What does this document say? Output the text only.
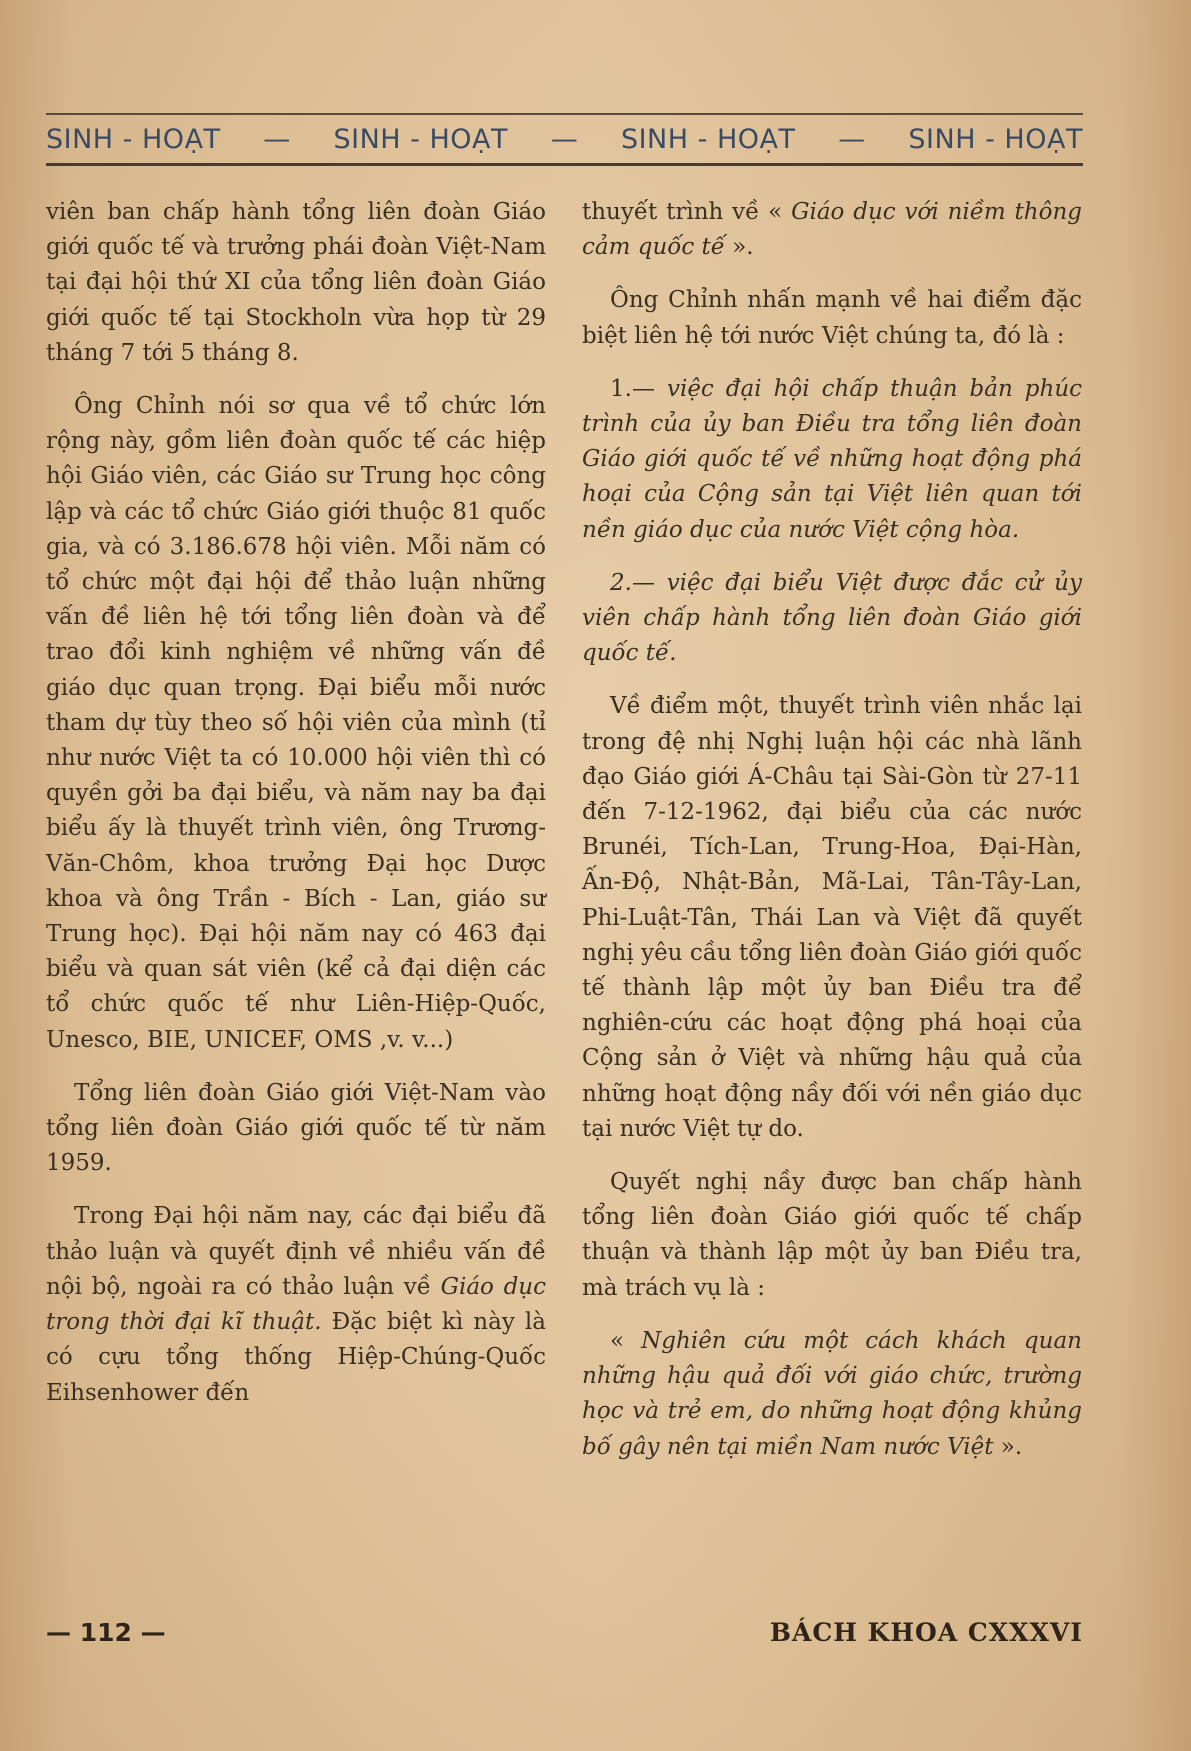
SINH - HOẠT — SINH - HOẠT — SINH - HOẠT — SINH - HOẠT

viên ban chấp hành tổng liên đoàn Giáo giới quốc tế và trưởng phái đoàn Việt-Nam tại đại hội thứ XI của tổng liên đoàn Giáo giới quốc tế tại Stockholn vừa họp từ 29 tháng 7 tới 5 tháng 8.

Ông Chỉnh nói sơ qua về tổ chức lớn rộng này, gồm liên đoàn quốc tế các hiệp hội Giáo viên, các Giáo sư Trung học công lập và các tổ chức Giáo giới thuộc 81 quốc gia, và có 3.186.678 hội viên. Mỗi năm có tổ chức một đại hội để thảo luận những vấn đề liên hệ tới tổng liên đoàn và để trao đổi kinh nghiệm về những vấn đề giáo dục quan trọng. Đại biểu mỗi nước tham dự tùy theo số hội viên của mình (tỉ như nước Việt ta có 10.000 hội viên thì có quyền gởi ba đại biểu, và năm nay ba đại biểu ấy là thuyết trình viên, ông Trương-Văn-Chôm, khoa trưởng Đại học Dược khoa và ông Trần - Bích - Lan, giáo sư Trung học). Đại hội năm nay có 463 đại biểu và quan sát viên (kể cả đại diện các tổ chức quốc tế như Liên-Hiệp-Quốc, Unesco, BIE, UNICEF, OMS ,v. v...)

Tổng liên đoàn Giáo giới Việt-Nam vào tổng liên đoàn Giáo giới quốc tế từ năm 1959.

Trong Đại hội năm nay, các đại biểu đã thảo luận và quyết định về nhiều vấn đề nội bộ, ngoài ra có thảo luận về Giáo dục trong thời đại kĩ thuật. Đặc biệt kì này là có cựu tổng thống Hiệp-Chúng-Quốc Eihsenhower đến

thuyết trình về « Giáo dục với niềm thông cảm quốc tế ».

Ông Chỉnh nhấn mạnh về hai điểm đặc biệt liên hệ tới nước Việt chúng ta, đó là :

1.— việc đại hội chấp thuận bản phúc trình của ủy ban Điều tra tổng liên đoàn Giáo giới quốc tế về những hoạt động phá hoại của Cộng sản tại Việt liên quan tới nền giáo dục của nước Việt cộng hòa.

2.— việc đại biểu Việt được đắc cử ủy viên chấp hành tổng liên đoàn Giáo giới quốc tế.

Về điểm một, thuyết trình viên nhắc lại trong đệ nhị Nghị luận hội các nhà lãnh đạo Giáo giới Á-Châu tại Sài-Gòn từ 27-11 đến 7-12-1962, đại biểu của các nước Brunéi, Tích-Lan, Trung-Hoa, Đại-Hàn, Ấn-Độ, Nhật-Bản, Mã-Lai, Tân-Tây-Lan, Phi-Luật-Tân, Thái Lan và Việt đã quyết nghị yêu cầu tổng liên đoàn Giáo giới quốc tế thành lập một ủy ban Điều tra để nghiên-cứu các hoạt động phá hoại của Cộng sản ở Việt và những hậu quả của những hoạt động nầy đối với nền giáo dục tại nước Việt tự do.

Quyết nghị nầy được ban chấp hành tổng liên đoàn Giáo giới quốc tế chấp thuận và thành lập một ủy ban Điều tra, mà trách vụ là :

« Nghiên cứu một cách khách quan những hậu quả đối với giáo chức, trường học và trẻ em, do những hoạt động khủng bố gây nên tại miền Nam nước Việt ».

— 112 —	BÁCH KHOA CXXXVI
